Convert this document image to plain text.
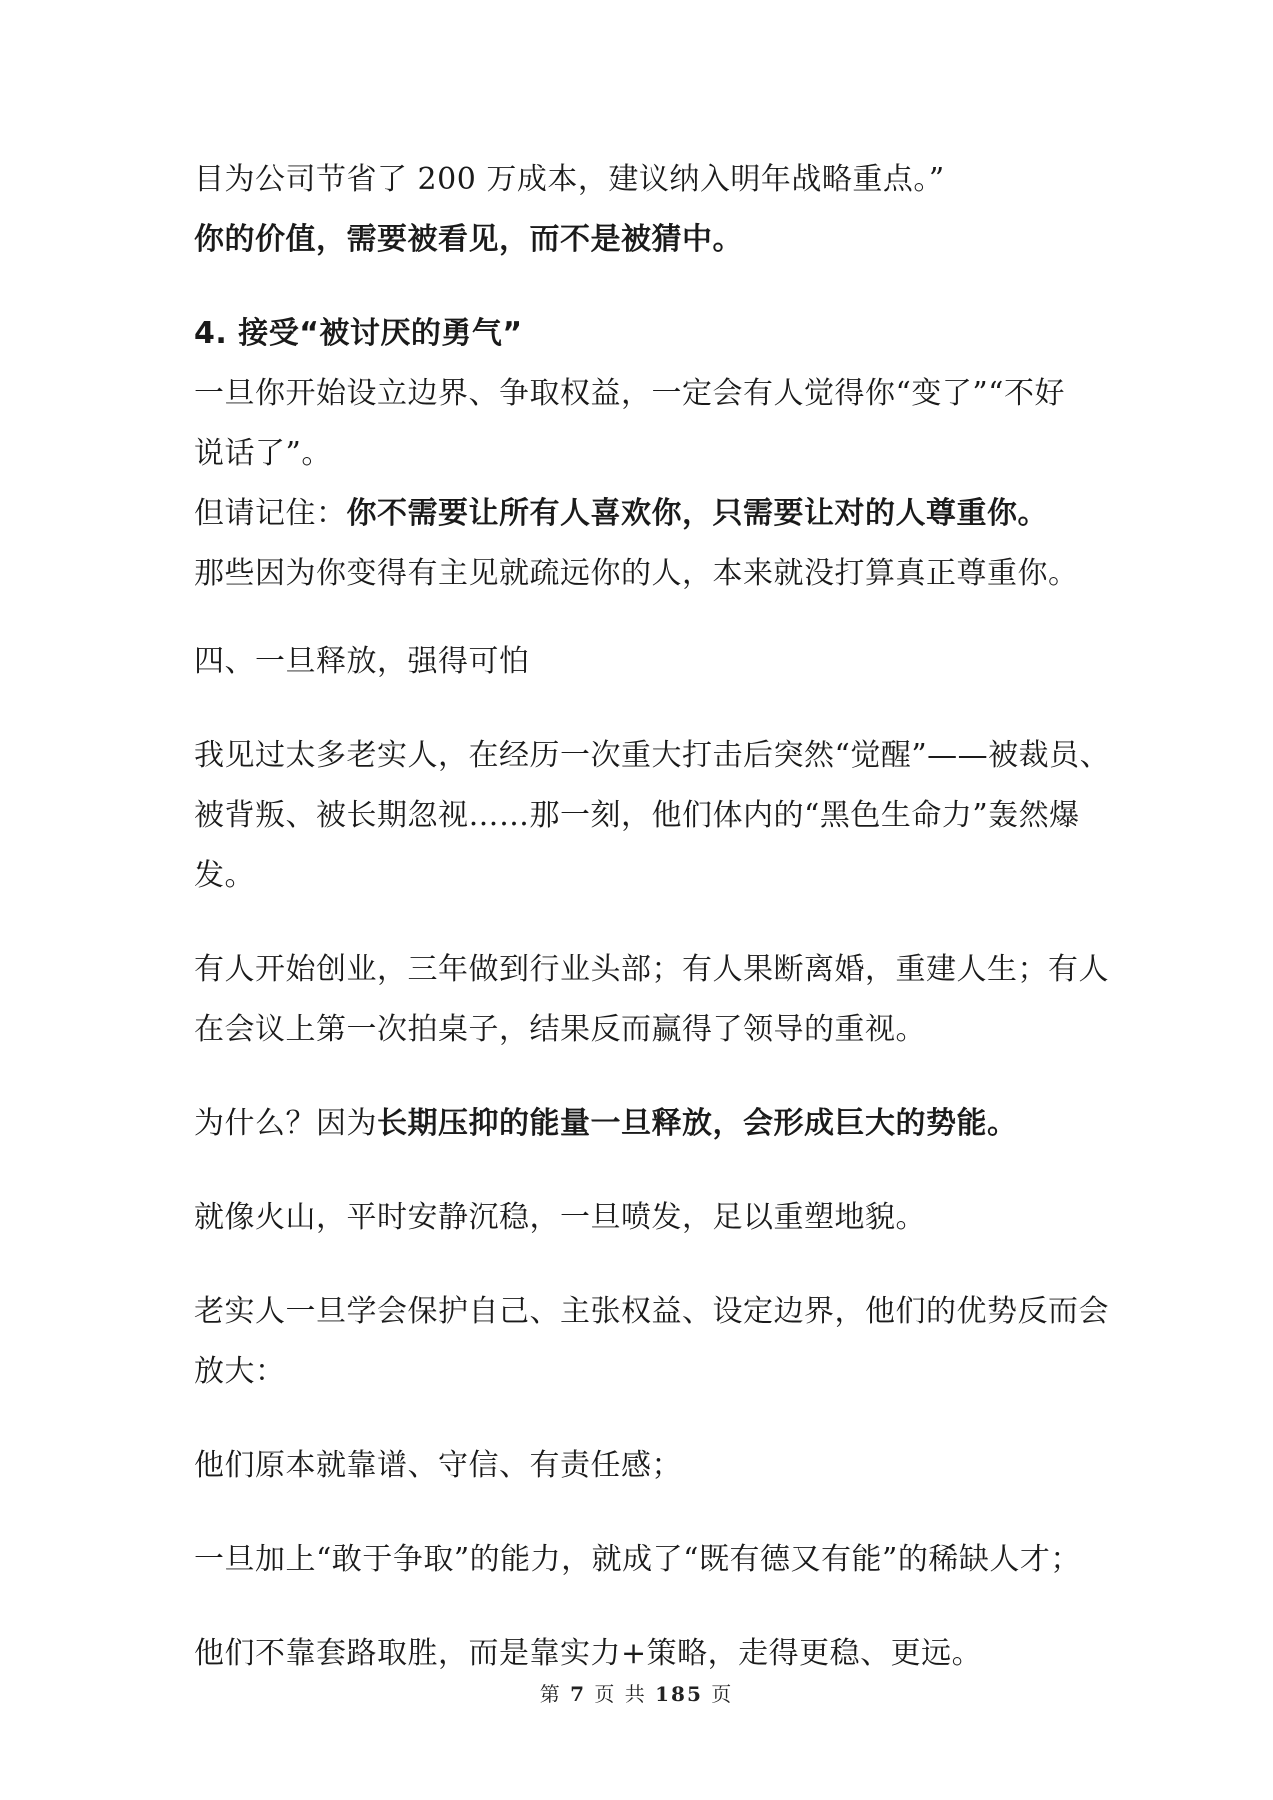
目为公司节省了 200 万成本，建议纳入明年战略重点。”

你的价值，需要被看见，而不是被猜中。

4. 接受“被讨厌的勇气”

一旦你开始设立边界、争取权益，一定会有人觉得你“变了”“不好

说话了”。

但请记住：你不需要让所有人喜欢你，只需要让对的人尊重你。

那些因为你变得有主见就疏远你的人，本来就没打算真正尊重你。

四、一旦释放，强得可怕

我见过太多老实人，在经历一次重大打击后突然“觉醒”——被裁员、

被背叛、被长期忽视……那一刻，他们体内的“黑色生命力”轰然爆

发。

有人开始创业，三年做到行业头部；有人果断离婚，重建人生；有人

在会议上第一次拍桌子，结果反而赢得了领导的重视。

为什么？因为长期压抑的能量一旦释放，会形成巨大的势能。

就像火山，平时安静沉稳，一旦喷发，足以重塑地貌。

老实人一旦学会保护自己、主张权益、设定边界，他们的优势反而会

放大：

他们原本就靠谱、守信、有责任感；

一旦加上“敢于争取”的能力，就成了“既有德又有能”的稀缺人才；

他们不靠套路取胜，而是靠实力+策略，走得更稳、更远。

第 7 页 共 185 页
